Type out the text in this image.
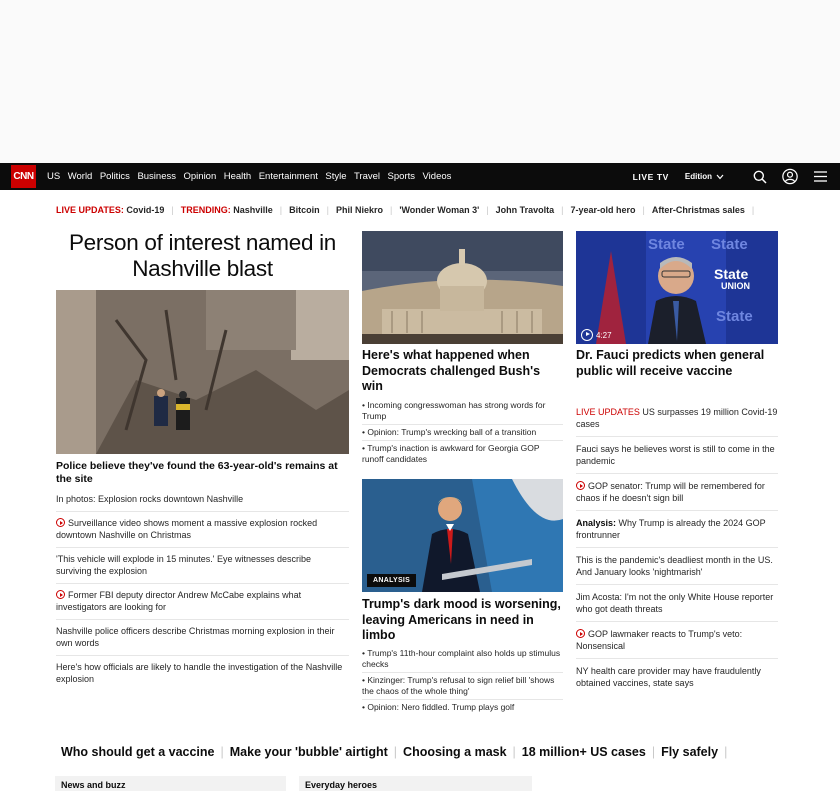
CNN US World Politics Business Opinion Health Entertainment Style Travel Sports Videos	LIVE TV Edition
LIVE UPDATES:
Covid-19 | TRENDING:
Nashville | Bitcoin | Phil Niekro | 'Wonder Woman 3' | John Travolta | 7-year-old hero | After-Christmas sales |
Person of interest named in Nashville blast
Police believe they've found the 63-year-old's remains at the site
In photos: Explosion rocks downtown Nashville
Surveillance video shows moment a massive explosion rocked downtown Nashville on Christmas
'This vehicle will explode in 15 minutes.' Eye witnesses describe surviving the explosion
Former FBI deputy director Andrew McCabe explains what investigators are looking for
Nashville police officers describe Christmas morning explosion in their own words
Here's how officials are likely to handle the investigation of the Nashville explosion
Here's what happened when Democrats challenged Bush's win
• Incoming congresswoman has strong words for Trump
• Opinion: Trump's wrecking ball of a transition
• Trump's inaction is awkward for Georgia GOP runoff candidates
ANALYSIS
Trump's dark mood is worsening, leaving Americans in need in limbo
• Trump's 11th-hour complaint also holds up stimulus checks
• Kinzinger: Trump's refusal to sign relief bill 'shows the chaos of the whole thing'
• Opinion: Nero fiddled. Trump plays golf
State State
State
State
UNION
4:27
Dr. Fauci predicts when general public will receive vaccine
LIVE UPDATES US surpasses 19 million Covid-19 cases
Fauci says he believes worst is still to come in the pandemic
GOP senator: Trump will be remembered for chaos if he doesn't sign bill
Analysis: Why Trump is already the 2024 GOP frontrunner
This is the pandemic's deadliest month in the US. And January looks 'nightmarish'
Jim Acosta: I'm not the only White House reporter who got death threats
GOP lawmaker reacts to Trump's veto: Nonsensical
NY health care provider may have fraudulently obtained vaccines, state says
Who should get a vaccine | Make your 'bubble' airtight | Choosing a mask | 18 million+ US cases | Fly safely |
News and buzz	Everyday heroes
